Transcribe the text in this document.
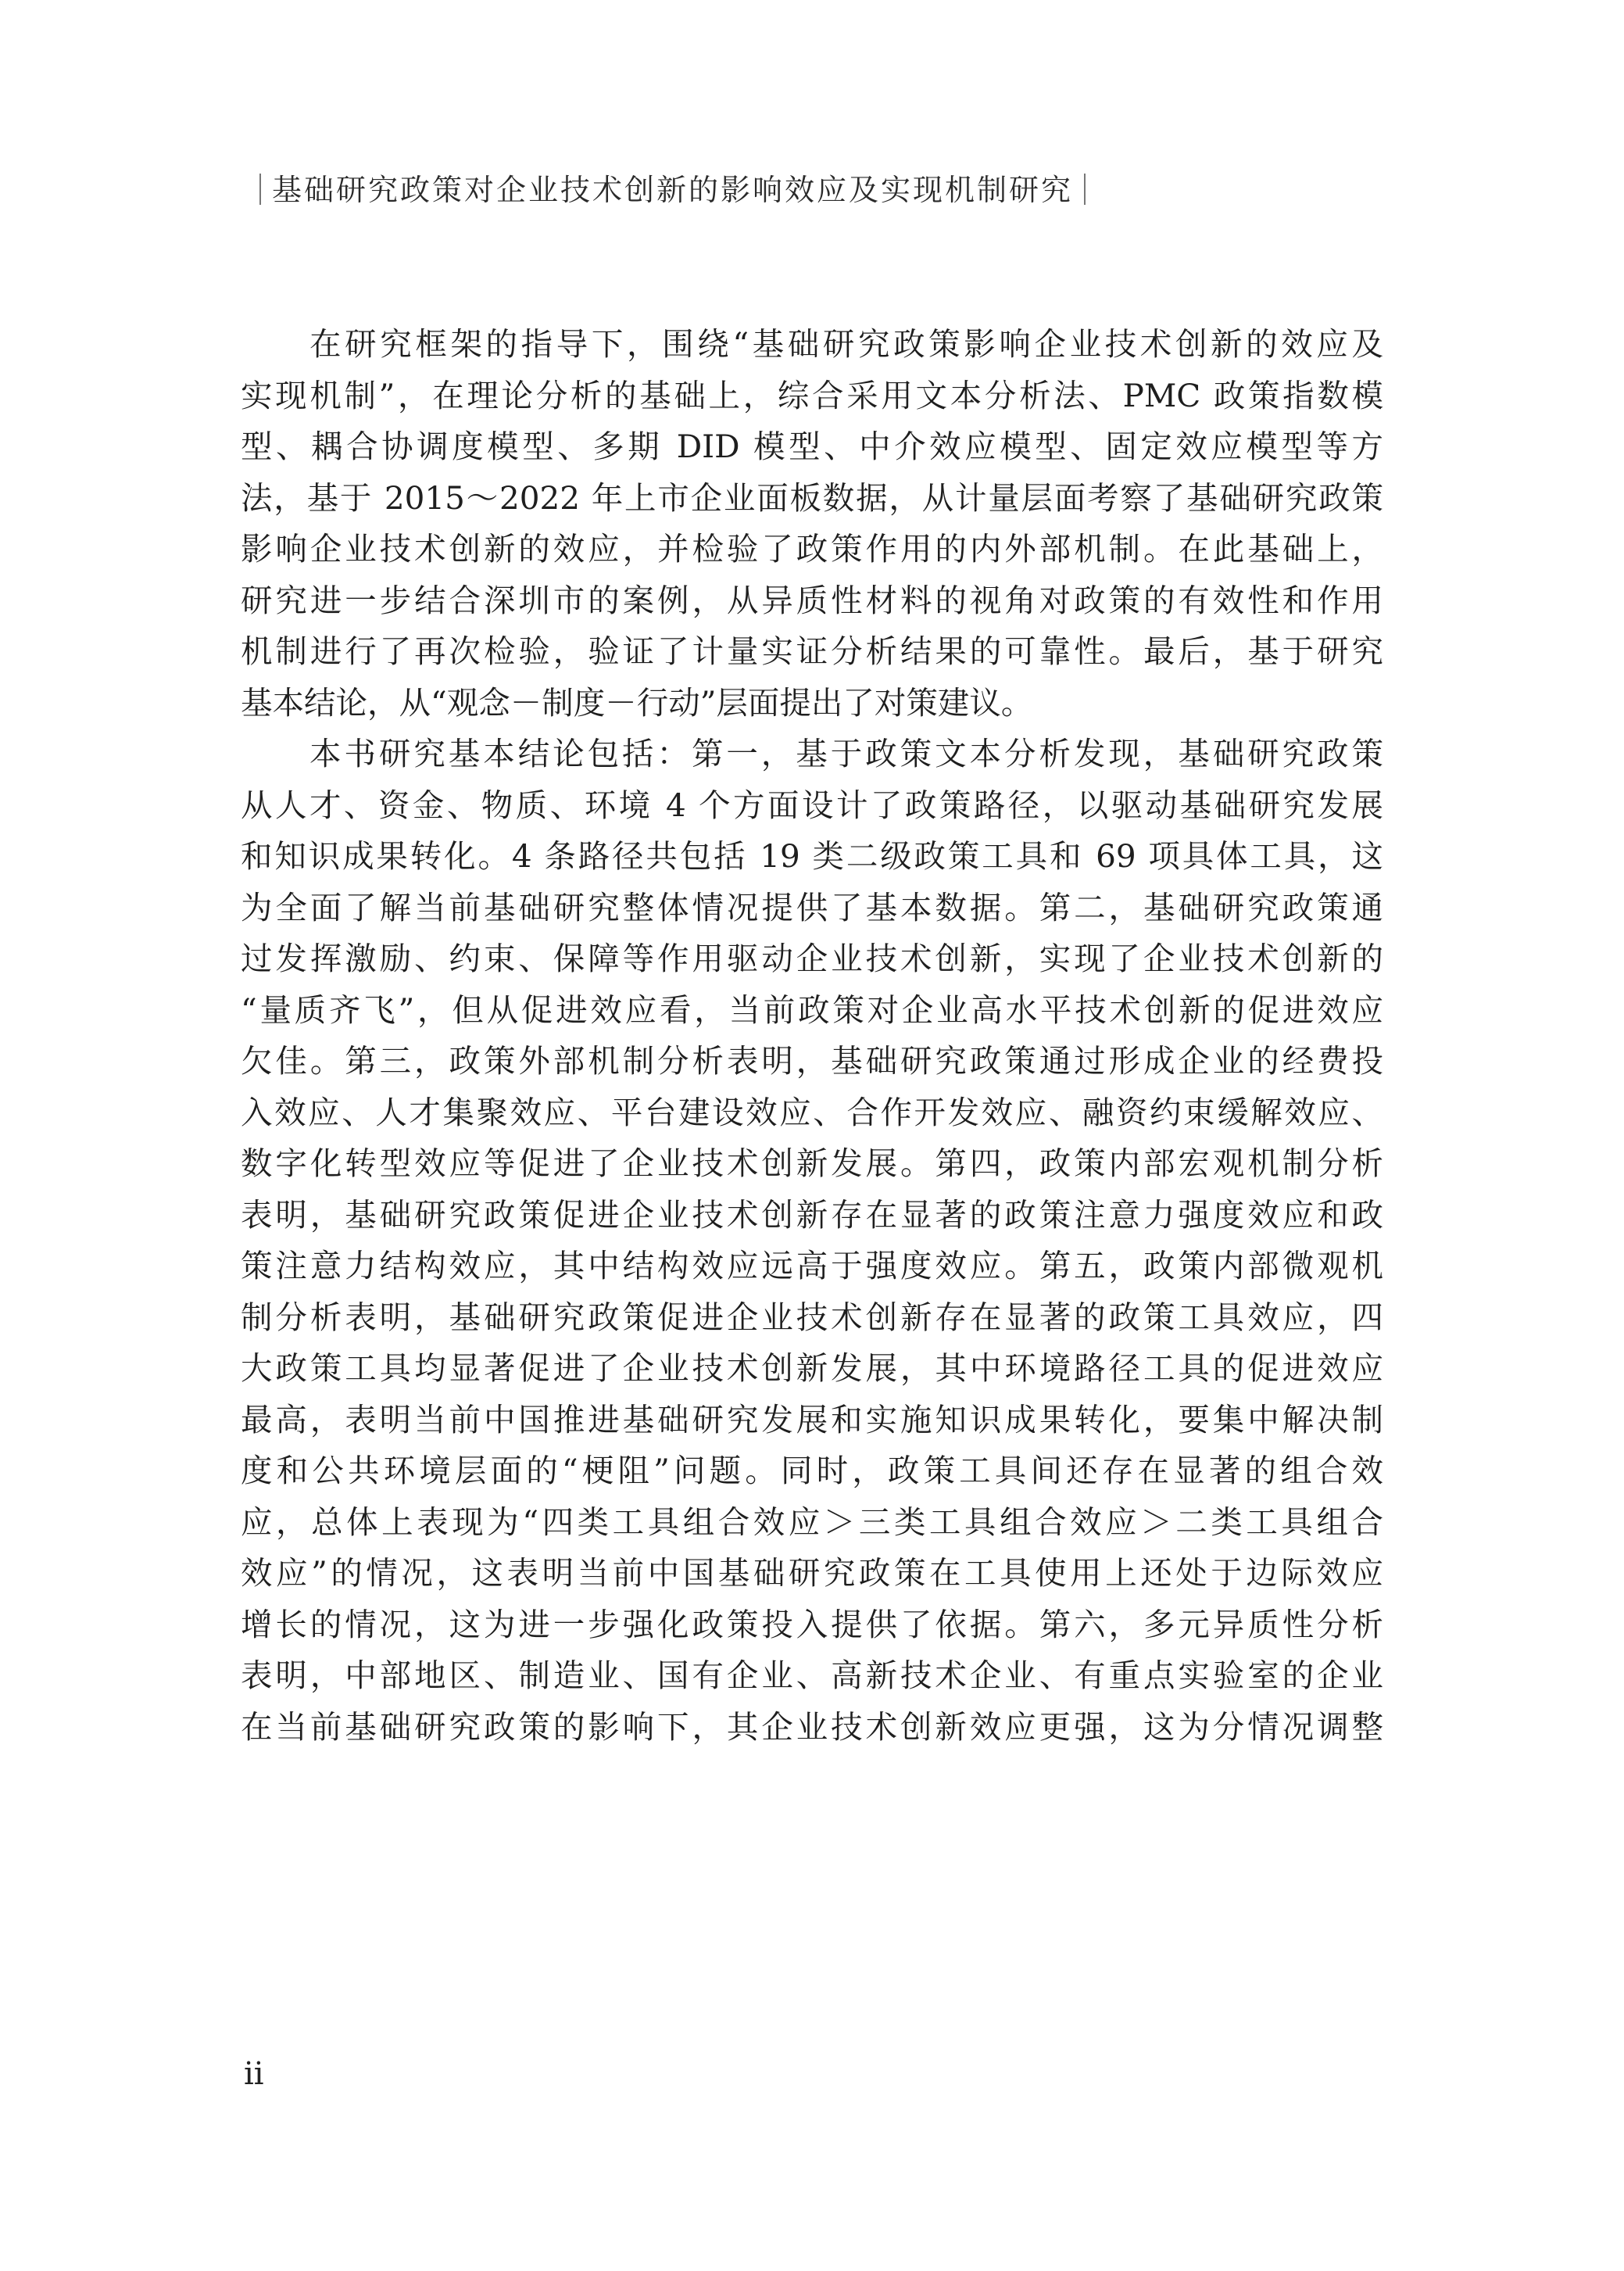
基础研究政策对企业技术创新的影响效应及实现机制研究
在研究框架的指导下，围绕“基础研究政策影响企业技术创新的效应及
实现机制”，在理论分析的基础上，综合采用文本分析法、PMC 政策指数模
型、耦合协调度模型、多期 DID 模型、中介效应模型、固定效应模型等方
法，基于 2015～2022 年上市企业面板数据，从计量层面考察了基础研究政策
影响企业技术创新的效应，并检验了政策作用的内外部机制。在此基础上，
研究进一步结合深圳市的案例，从异质性材料的视角对政策的有效性和作用
机制进行了再次检验，验证了计量实证分析结果的可靠性。最后，基于研究
基本结论，从“观念－制度－行动”层面提出了对策建议。
本书研究基本结论包括：第一，基于政策文本分析发现，基础研究政策
从人才、资金、物质、环境 4 个方面设计了政策路径，以驱动基础研究发展
和知识成果转化。4 条路径共包括 19 类二级政策工具和 69 项具体工具，这
为全面了解当前基础研究整体情况提供了基本数据。第二，基础研究政策通
过发挥激励、约束、保障等作用驱动企业技术创新，实现了企业技术创新的
“量质齐飞”，但从促进效应看，当前政策对企业高水平技术创新的促进效应
欠佳。第三，政策外部机制分析表明，基础研究政策通过形成企业的经费投
入效应、人才集聚效应、平台建设效应、合作开发效应、融资约束缓解效应、
数字化转型效应等促进了企业技术创新发展。第四，政策内部宏观机制分析
表明，基础研究政策促进企业技术创新存在显著的政策注意力强度效应和政
策注意力结构效应，其中结构效应远高于强度效应。第五，政策内部微观机
制分析表明，基础研究政策促进企业技术创新存在显著的政策工具效应，四
大政策工具均显著促进了企业技术创新发展，其中环境路径工具的促进效应
最高，表明当前中国推进基础研究发展和实施知识成果转化，要集中解决制
度和公共环境层面的“梗阻”问题。同时，政策工具间还存在显著的组合效
应，总体上表现为“四类工具组合效应＞三类工具组合效应＞二类工具组合
效应”的情况，这表明当前中国基础研究政策在工具使用上还处于边际效应
增长的情况，这为进一步强化政策投入提供了依据。第六，多元异质性分析
表明，中部地区、制造业、国有企业、高新技术企业、有重点实验室的企业
在当前基础研究政策的影响下，其企业技术创新效应更强，这为分情况调整
ii
